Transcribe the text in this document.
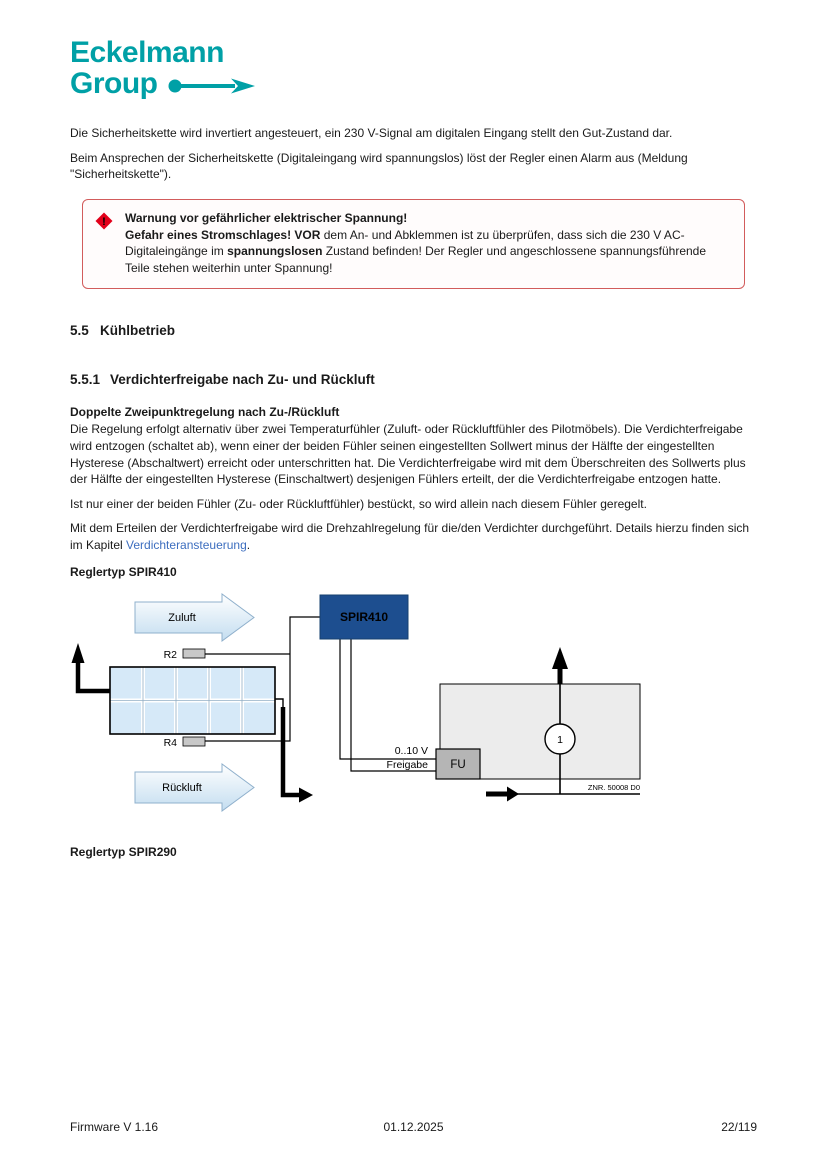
Eckelmann
Group

Die Sicherheitskette wird invertiert angesteuert, ein 230 V-Signal am digitalen Eingang stellt den Gut-Zustand dar.

Beim Ansprechen der Sicherheitskette (Digitaleingang wird spannungslos) löst der Regler einen Alarm aus (Meldung "Sicherheitskette").

! Warnung vor gefährlicher elektrischer Spannung!
Gefahr eines Stromschlages! VOR dem An- und Abklemmen ist zu überprüfen, dass sich die 230 V AC-Digitaleingänge im spannungslosen Zustand befinden! Der Regler und angeschlossene spannungsführende Teile stehen weiterhin unter Spannung!
5.5 Kühlbetrieb
5.5.1 Verdichterfreigabe nach Zu- und Rückluft

Doppelte Zweipunktregelung nach Zu-/Rückluft

Die Regelung erfolgt alternativ über zwei Temperaturfühler (Zuluft- oder Rückluftfühler des Pilotmöbels). Die Verdichterfreigabe wird entzogen (schaltet ab), wenn einer der beiden Fühler seinen eingestellten Sollwert minus der Hälfte der eingestellten Hysterese (Abschaltwert) erreicht oder unterschritten hat. Die Verdichterfreigabe wird mit dem Überschreiten des Sollwerts plus der Hälfte der eingestellten Hysterese (Einschaltwert) desjenigen Fühlers erteilt, der die Verdichterfreigabe entzogen hatte.

Ist nur einer der beiden Fühler (Zu- oder Rückluftfühler) bestückt, so wird allein nach diesem Fühler geregelt.

Mit dem Erteilen der Verdichterfreigabe wird die Drehzahlregelung für die/den Verdichter durchgeführt. Details hierzu finden sich im Kapitel Verdichteransteuerung.

Reglertyp SPIR410

1
0..10 V
Freigabe FU
R2
R4
Zuluft
Rückluft
SPIR410
ZNR. 50008 D0

Reglertyp SPIR290

Firmware V 1.16	01.12.2025	22/119
